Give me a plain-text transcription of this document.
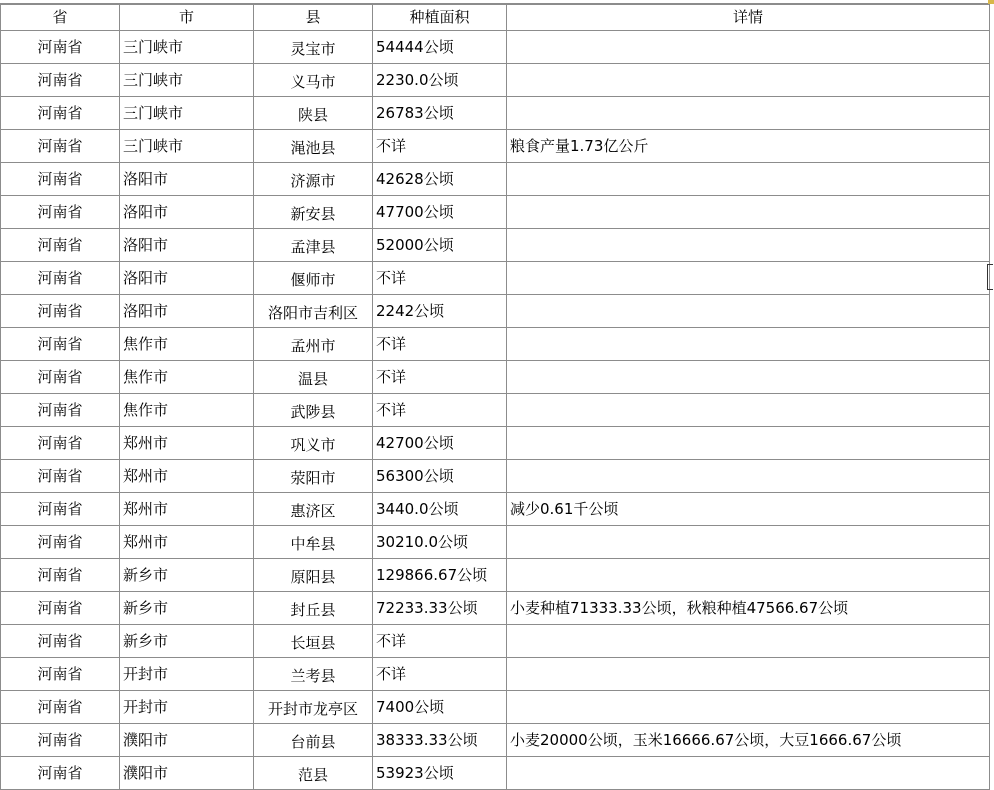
省	市	县	种植面积	详情
河南省	三门峡市	灵宝市	54444公顷	
河南省	三门峡市	义马市	2230.0公顷	
河南省	三门峡市	陕县	26783公顷	
河南省	三门峡市	渑池县	不详	粮食产量1.73亿公斤
河南省	洛阳市	济源市	42628公顷	
河南省	洛阳市	新安县	47700公顷	
河南省	洛阳市	孟津县	52000公顷	
河南省	洛阳市	偃师市	不详	
河南省	洛阳市	洛阳市吉利区	2242公顷	
河南省	焦作市	孟州市	不详	
河南省	焦作市	温县	不详	
河南省	焦作市	武陟县	不详	
河南省	郑州市	巩义市	42700公顷	
河南省	郑州市	荥阳市	56300公顷	
河南省	郑州市	惠济区	3440.0公顷	减少0.61千公顷
河南省	郑州市	中牟县	30210.0公顷	
河南省	新乡市	原阳县	129866.67公顷	
河南省	新乡市	封丘县	72233.33公顷	小麦种植71333.33公顷，秋粮种植47566.67公顷
河南省	新乡市	长垣县	不详	
河南省	开封市	兰考县	不详	
河南省	开封市	开封市龙亭区	7400公顷	
河南省	濮阳市	台前县	38333.33公顷	小麦20000公顷，玉米16666.67公顷，大豆1666.67公顷
河南省	濮阳市	范县	53923公顷	
